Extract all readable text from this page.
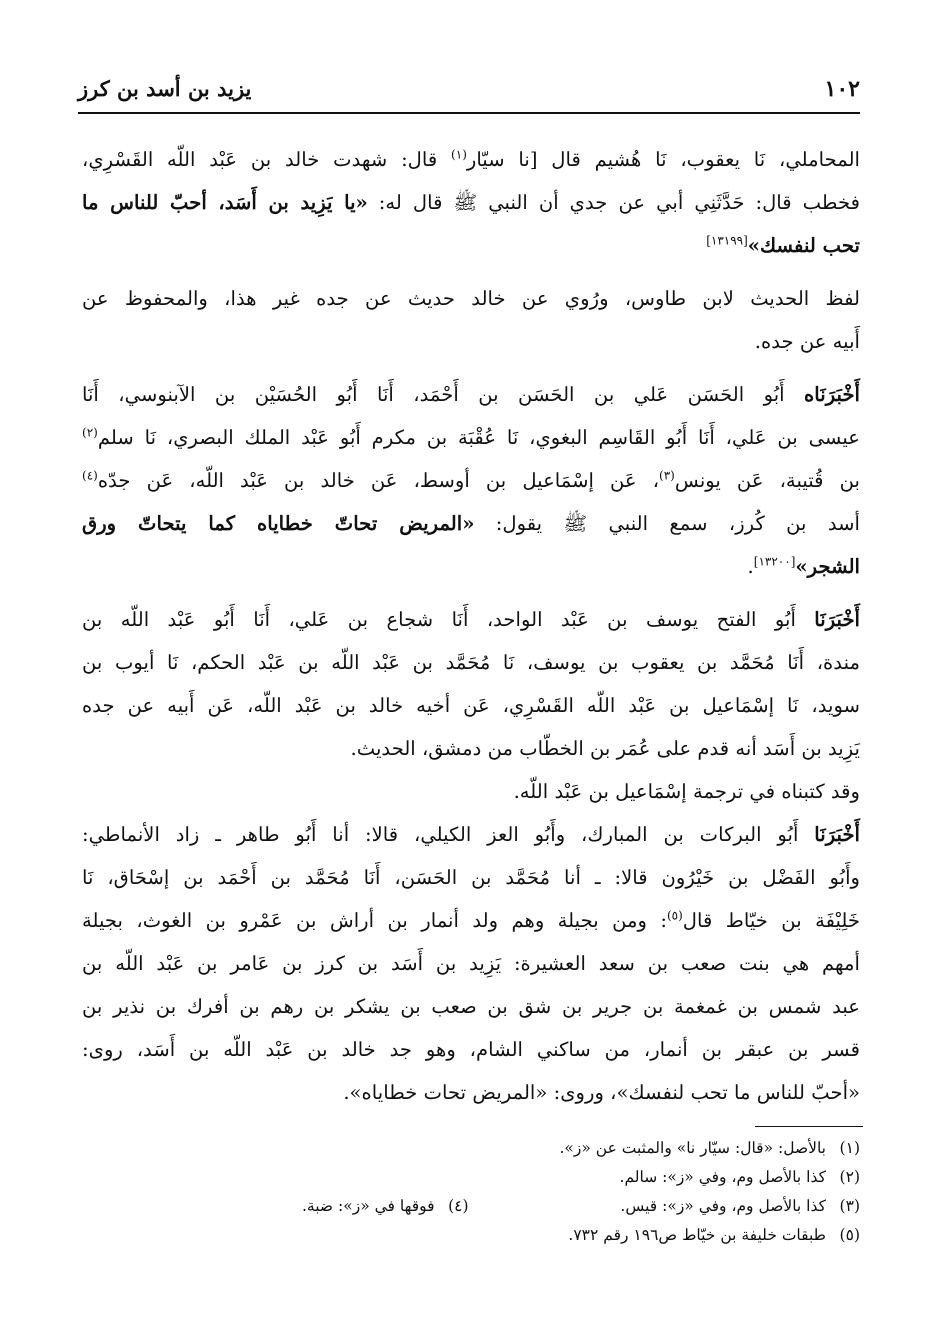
١٠٢
يزيد بن أسد بن كرز

المحاملي، نَا يعقوب، نَا هُشيم قال [نا سيّار$^{(١)}$ قال: شهدت خالد بن عَبْد اللّه القَسْرِي،

فخطب قال: حَدَّثَنِي أبي عن جدي أن النبي ﷺ قال له: «يا يَزِيد بن أَسَد، أحبّ للناس ما

تحب لنفسك»[١٣١٩٩]

لفظ الحديث لابن طاوس، ورُوي عن خالد حديث عن جده غير هذا، والمحفوظ عن

أَبيه عن جده.

أَخْبَرَنَاه أَبُو الحَسَن عَلي بن الحَسَن بن أَحْمَد، أَنَا أَبُو الحُسَيْن بن الآبنوسي، أَنَا

عيسى بن عَلي، أَنَا أَبُو القَاسِم البغوي، نَا عُقْبَة بن مكرم أَبُو عَبْد الملك البصري، نَا سلم$^{(٢)}$

بن قُتيبة، عَن يونس$^{(٣)}$، عَن إسْمَاعيل بن أوسط، عَن خالد بن عَبْد اللّه، عَن جدّه$^{(٤)}$

أسد بن كُرز، سمع النبي ﷺ يقول: «المريض تحاتّ خطاياه كما يتحاتّ ورق

الشجر»[١٣٢٠٠].

أَخْبَرَنَا أَبُو الفتح يوسف بن عَبْد الواحد، أَنَا شجاع بن عَلي، أَنَا أَبُو عَبْد اللّه بن

مندة، أَنَا مُحَمَّد بن يعقوب بن يوسف، نَا مُحَمَّد بن عَبْد اللّه بن عَبْد الحكم، نَا أيوب بن

سويد، نَا إسْمَاعيل بن عَبْد اللّه القَسْرِي، عَن أخيه خالد بن عَبْد اللّه، عَن أَبيه عن جده

يَزِيد بن أَسَد أنه قدم على عُمَر بن الخطّاب من دمشق، الحديث.

وقد كتبناه في ترجمة إسْمَاعيل بن عَبْد اللّه.

أَخْبَرَنَا أَبُو البركات بن المبارك، وأَبُو العز الكيلي، قالا: أنا أَبُو طاهر ـ زاد الأنماطي:

وأَبُو الفَضْل بن خَيْرُون قالا: ـ أنا مُحَمَّد بن الحَسَن، أَنَا مُحَمَّد بن أَحْمَد بن إسْحَاق، نَا

خَلِيْفَة بن خيّاط قال$^{(٥)}$: ومن بجيلة وهم ولد أنمار بن أراش بن عَمْرو بن الغوث، بجيلة

أمهم هي بنت صعب بن سعد العشيرة: يَزِيد بن أَسَد بن كرز بن عَامر بن عَبْد اللّه بن

عبد شمس بن غمغمة بن جرير بن شق بن صعب بن يشكر بن رهم بن أفرك بن نذير بن

قسر بن عبقر بن أنمار، من ساكني الشام، وهو جد خالد بن عَبْد اللّه بن أَسَد، روى:

«أحبّ للناس ما تحب لنفسك»، وروى: «المريض تحات خطاياه».

(١)بالأصل: «قال: سيّار نا» والمثبت عن «ز».
(٢)كذا بالأصل وم، وفي «ز»: سالم.
(٣)كذا بالأصل وم، وفي «ز»: قيس.
(٤)فوقها في «ز»: ضبة.
(٥)طبقات خليفة بن خيّاط ص١٩٦ رقم ٧٣٢.
